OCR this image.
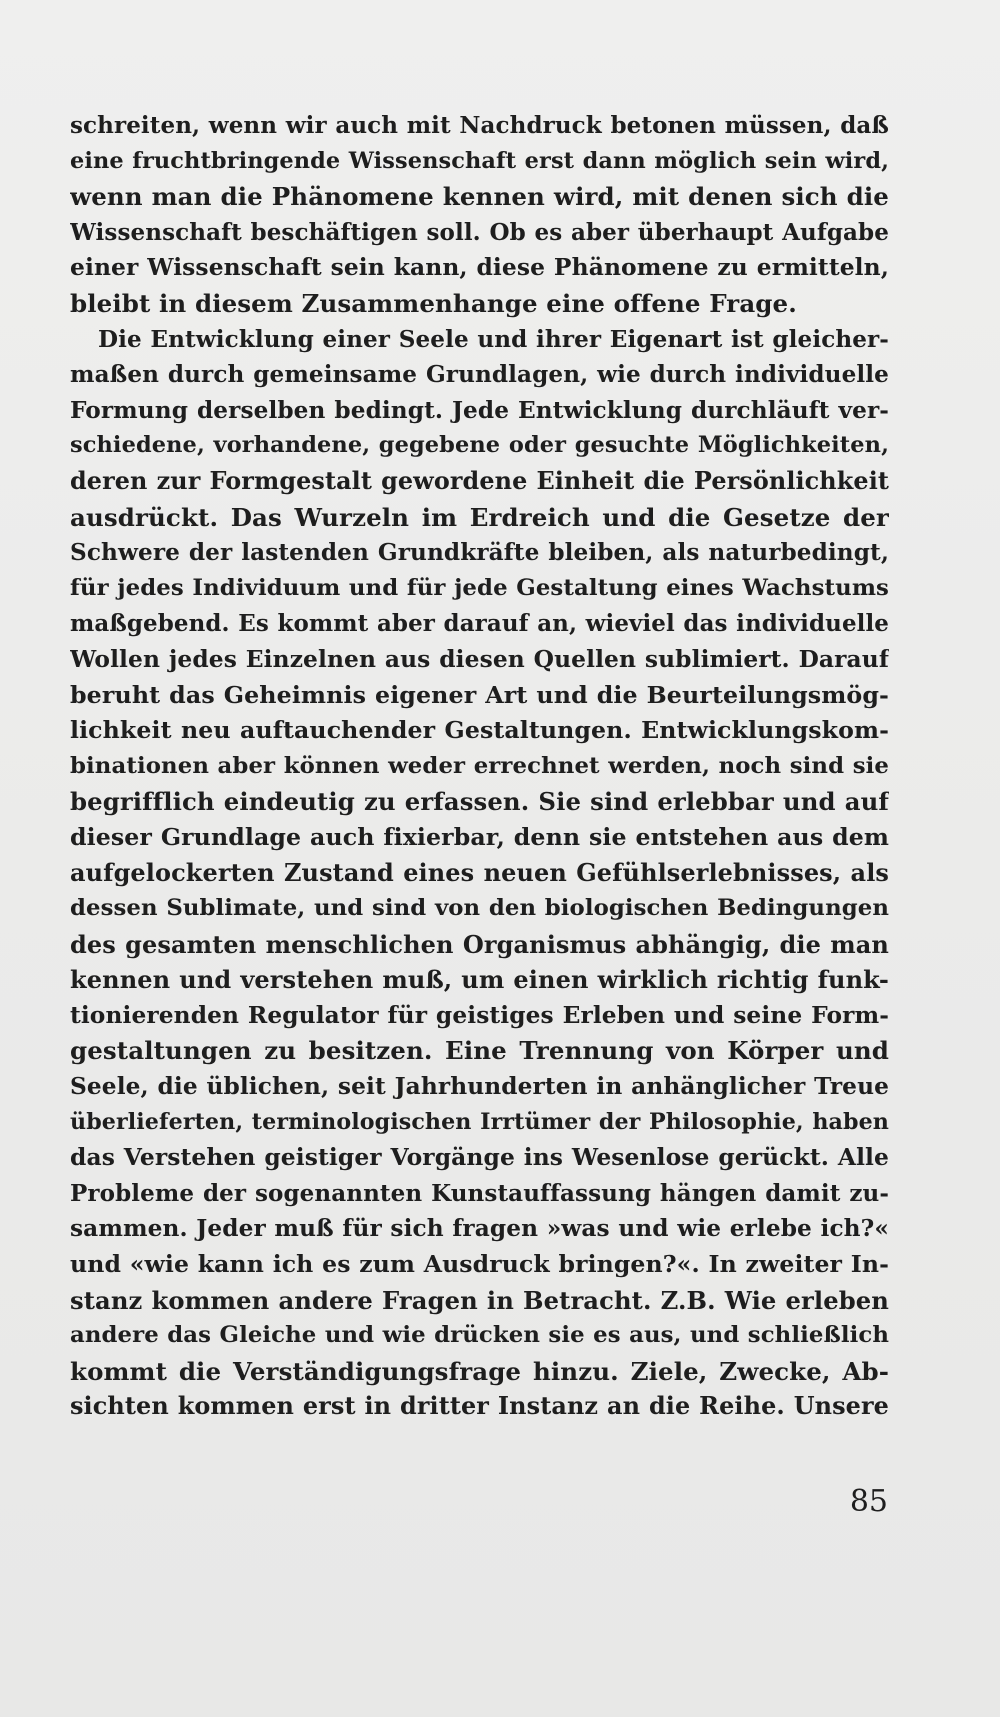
schreiten, wenn wir auch mit Nachdruck betonen müssen, daß
eine fruchtbringende Wissenschaft erst dann möglich sein wird,
wenn man die Phänomene kennen wird, mit denen sich die
Wissenschaft beschäftigen soll. Ob es aber überhaupt Aufgabe
einer Wissenschaft sein kann, diese Phänomene zu ermitteln,
bleibt in diesem Zusammenhange eine offene Frage.
Die Entwicklung einer Seele und ihrer Eigenart ist gleicher-
maßen durch gemeinsame Grundlagen, wie durch individuelle
Formung derselben bedingt. Jede Entwicklung durchläuft ver-
schiedene, vorhandene, gegebene oder gesuchte Möglichkeiten,
deren zur Formgestalt gewordene Einheit die Persönlichkeit
ausdrückt. Das Wurzeln im Erdreich und die Gesetze der
Schwere der lastenden Grundkräfte bleiben, als naturbedingt,
für jedes Individuum und für jede Gestaltung eines Wachstums
maßgebend. Es kommt aber darauf an, wieviel das individuelle
Wollen jedes Einzelnen aus diesen Quellen sublimiert. Darauf
beruht das Geheimnis eigener Art und die Beurteilungsmög-
lichkeit neu auftauchender Gestaltungen. Entwicklungskom-
binationen aber können weder errechnet werden, noch sind sie
begrifflich eindeutig zu erfassen. Sie sind erlebbar und auf
dieser Grundlage auch fixierbar, denn sie entstehen aus dem
aufgelockerten Zustand eines neuen Gefühlserlebnisses, als
dessen Sublimate, und sind von den biologischen Bedingungen
des gesamten menschlichen Organismus abhängig, die man
kennen und verstehen muß, um einen wirklich richtig funk-
tionierenden Regulator für geistiges Erleben und seine Form-
gestaltungen zu besitzen. Eine Trennung von Körper und
Seele, die üblichen, seit Jahrhunderten in anhänglicher Treue
überlieferten, terminologischen Irrtümer der Philosophie, haben
das Verstehen geistiger Vorgänge ins Wesenlose gerückt. Alle
Probleme der sogenannten Kunstauffassung hängen damit zu-
sammen. Jeder muß für sich fragen »was und wie erlebe ich?«
und «wie kann ich es zum Ausdruck bringen?«. In zweiter In-
stanz kommen andere Fragen in Betracht. Z.B. Wie erleben
andere das Gleiche und wie drücken sie es aus, und schließlich
kommt die Verständigungsfrage hinzu. Ziele, Zwecke, Ab-
sichten kommen erst in dritter Instanz an die Reihe. Unsere
85
